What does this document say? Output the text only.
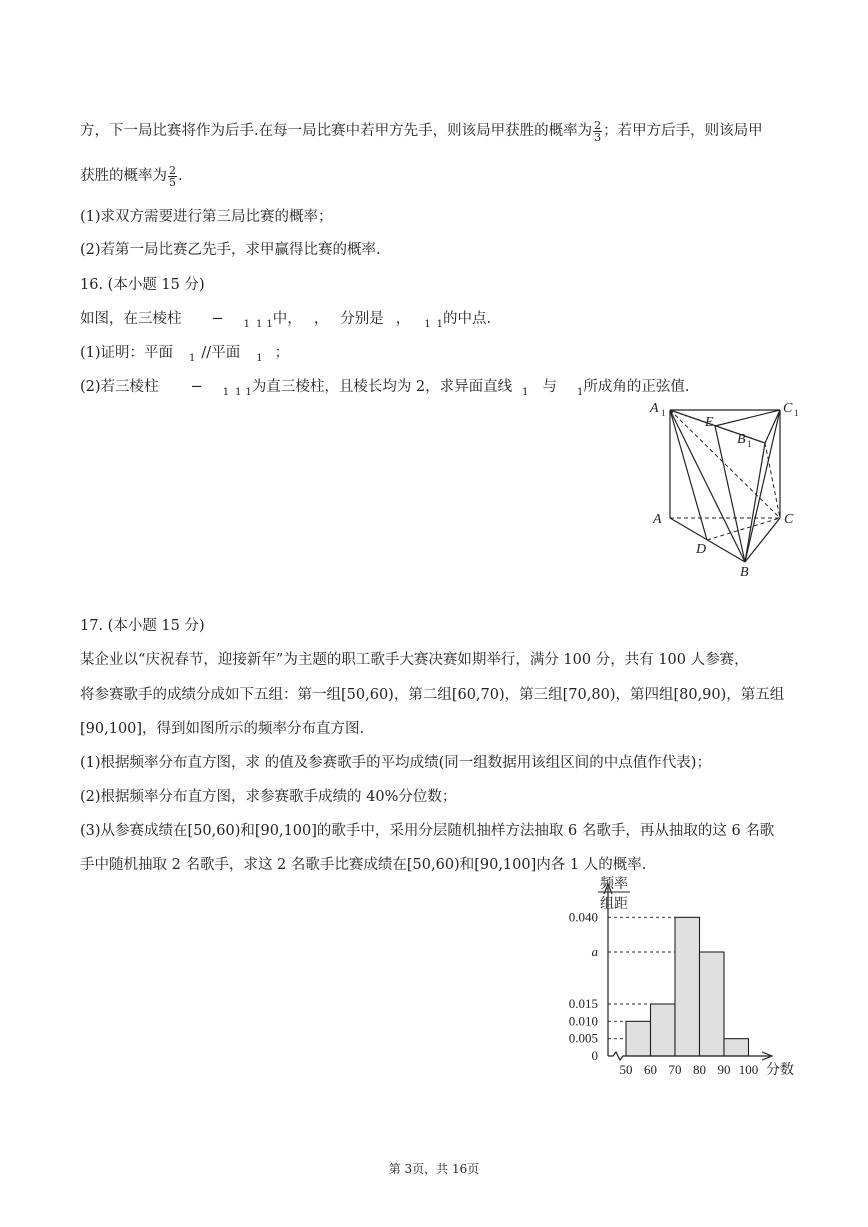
方，下一局比赛将作为后手.在每一局比赛中若甲方先手，则该局甲获胜的概率为 $\frac{2}{3}$ ；若甲方后手，则该局甲
获胜的概率为 $\frac{2}{5}$ .
(1)求双方需要进行第三局比赛的概率；
(2)若第一局比赛乙先手，求甲赢得比赛的概率.
16. (本小题 15 分)
如图，在三棱柱 − $_1$ $_1$ $_1$中， ， 分别是 ， $_1$ $_1$的中点.
(1)证明：平面 $_1$ //平面 $_1$ ；
(2)若三棱柱 − $_1$ $_1$ $_1$为直三棱柱，且棱长均为 2，求异面直线 $_1$ 与 $_1$所成角的正弦值.
A 1	C 1
E
B 1
A	C
D
B
17. (本小题 15 分)
某企业以“庆祝春节，迎接新年”为主题的职工歌手大赛决赛如期举行，满分 100 分，共有 100 人参赛，
将参赛歌手的成绩分成如下五组：第一组[50,60)，第二组[60,70)，第三组[70,80)，第四组[80,90)，第五组
[90,100]，得到如图所示的频率分布直方图.
(1)根据频率分布直方图，求 的值及参赛歌手的平均成绩(同一组数据用该组区间的中点值作代表)；
(2)根据频率分布直方图，求参赛歌手成绩的 40%分位数；
(3)从参赛成绩在[50,60)和[90,100]的歌手中，采用分层随机抽样方法抽取 6 名歌手，再从抽取的这 6 名歌
手中随机抽取 2 名歌手，求这 2 名歌手比赛成绩在[50,60)和[90,100]内各 1 人的概率.
0
0.005
0.010
0.015
a
0.040
50 60 70 80 90 100
频率
组距
分数
第 3页，共 16页
